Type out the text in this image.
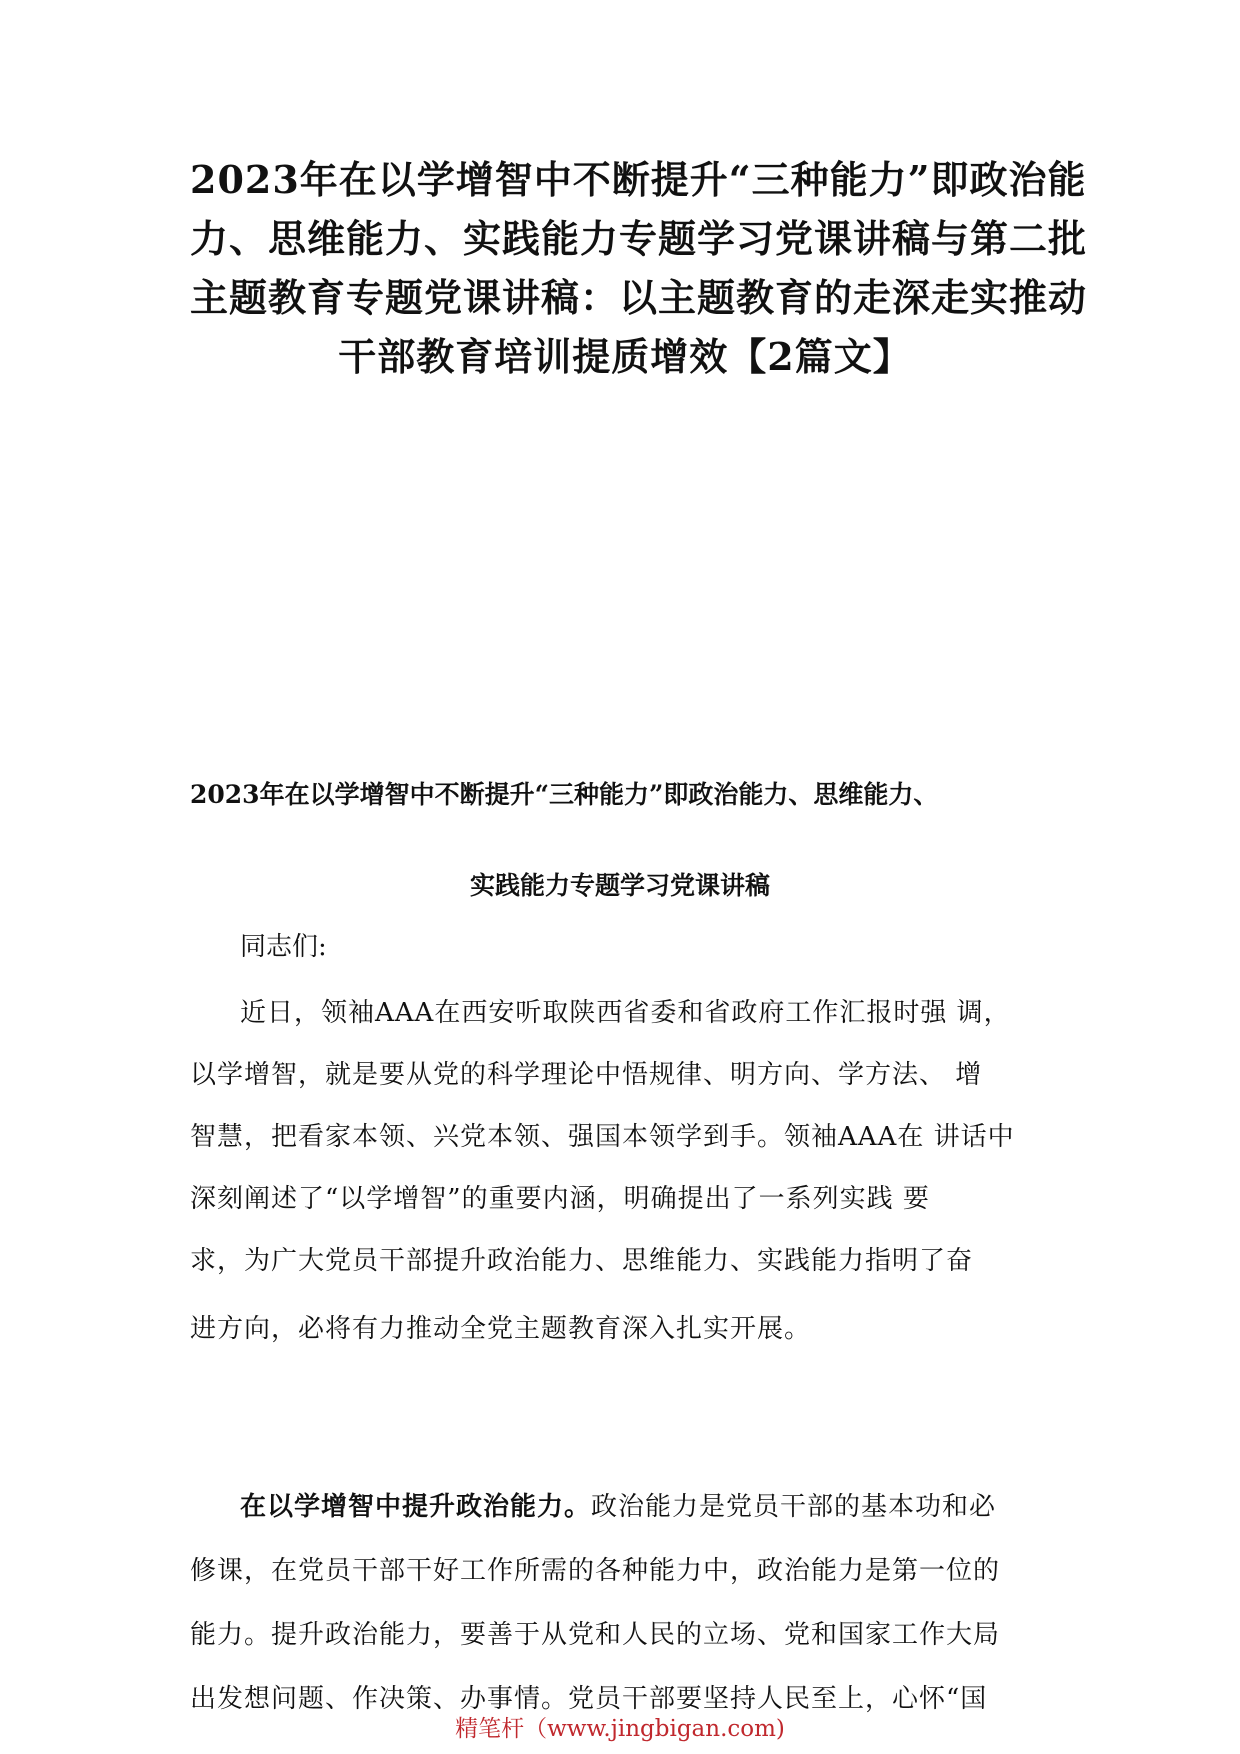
2023年在以学增智中不断提升“三种能力”即政治能
力、思维能力、实践能力专题学习党课讲稿与第二批
主题教育专题党课讲稿：以主题教育的走深走实推动
干部教育培训提质增效【2篇文】
2023年在以学增智中不断提升“三种能力”即政治能力、思维能力、
实践能力专题学习党课讲稿
同志们:
近日，领袖AAA在西安听取陕西省委和省政府工作汇报时强 调，
以学增智，就是要从党的科学理论中悟规律、明方向、学方法、 增
智慧，把看家本领、兴党本领、强国本领学到手。领袖AAA在 讲话中
深刻阐述了“以学增智”的重要内涵，明确提出了一系列实践 要
求，为广大党员干部提升政治能力、思维能力、实践能力指明了奋
进方向，必将有力推动全党主题教育深入扎实开展。
在以学增智中提升政治能力。政治能力是党员干部的基本功和必
修课，在党员干部干好工作所需的各种能力中，政治能力是第一位的
能力。提升政治能力，要善于从党和人民的立场、党和国家工作大局
出发想问题、作决策、办事情。党员干部要坚持人民至上，心怀“国
精笔杆（www.jingbigan.com)
